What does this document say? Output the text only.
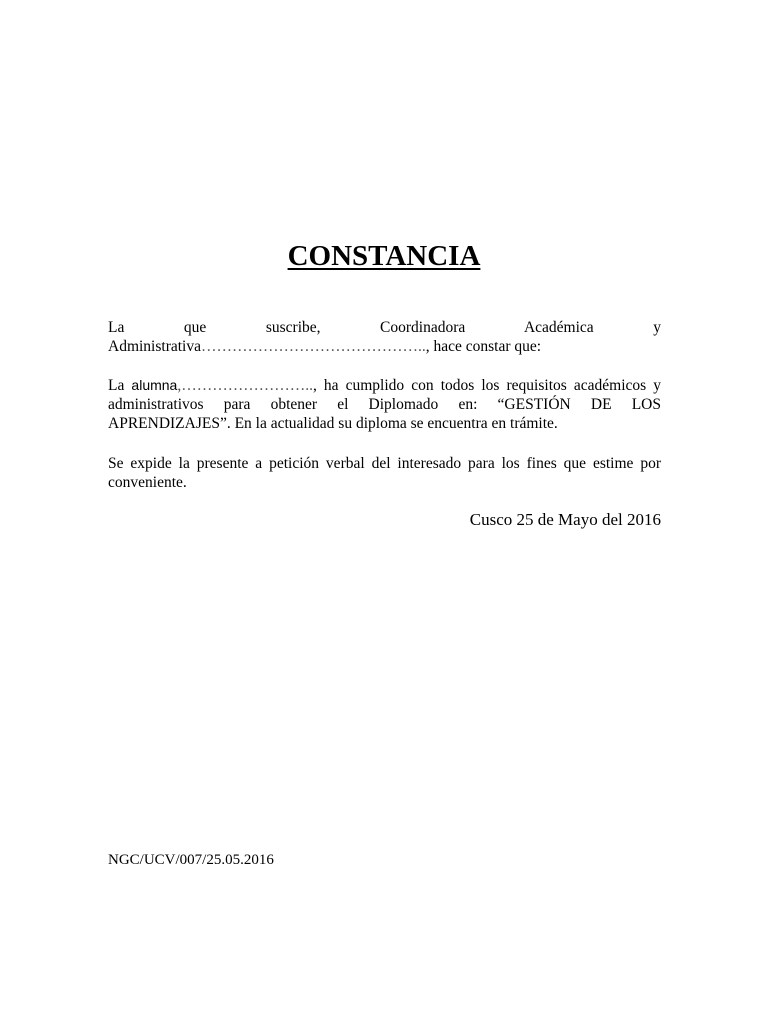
CONSTANCIA

La que suscribe, Coordinadora Académica y
Administrativa…………………………………….., hace constar que:

La alumna,…………………….., ha cumplido con todos los requisitos académicos y
administrativos para obtener el Diplomado en: “GESTIÓN DE LOS
APRENDIZAJES”. En la actualidad su diploma se encuentra en trámite.

Se expide la presente a petición verbal del interesado para los fines que estime por
conveniente.

Cusco 25 de Mayo del 2016

NGC/UCV/007/25.05.2016
